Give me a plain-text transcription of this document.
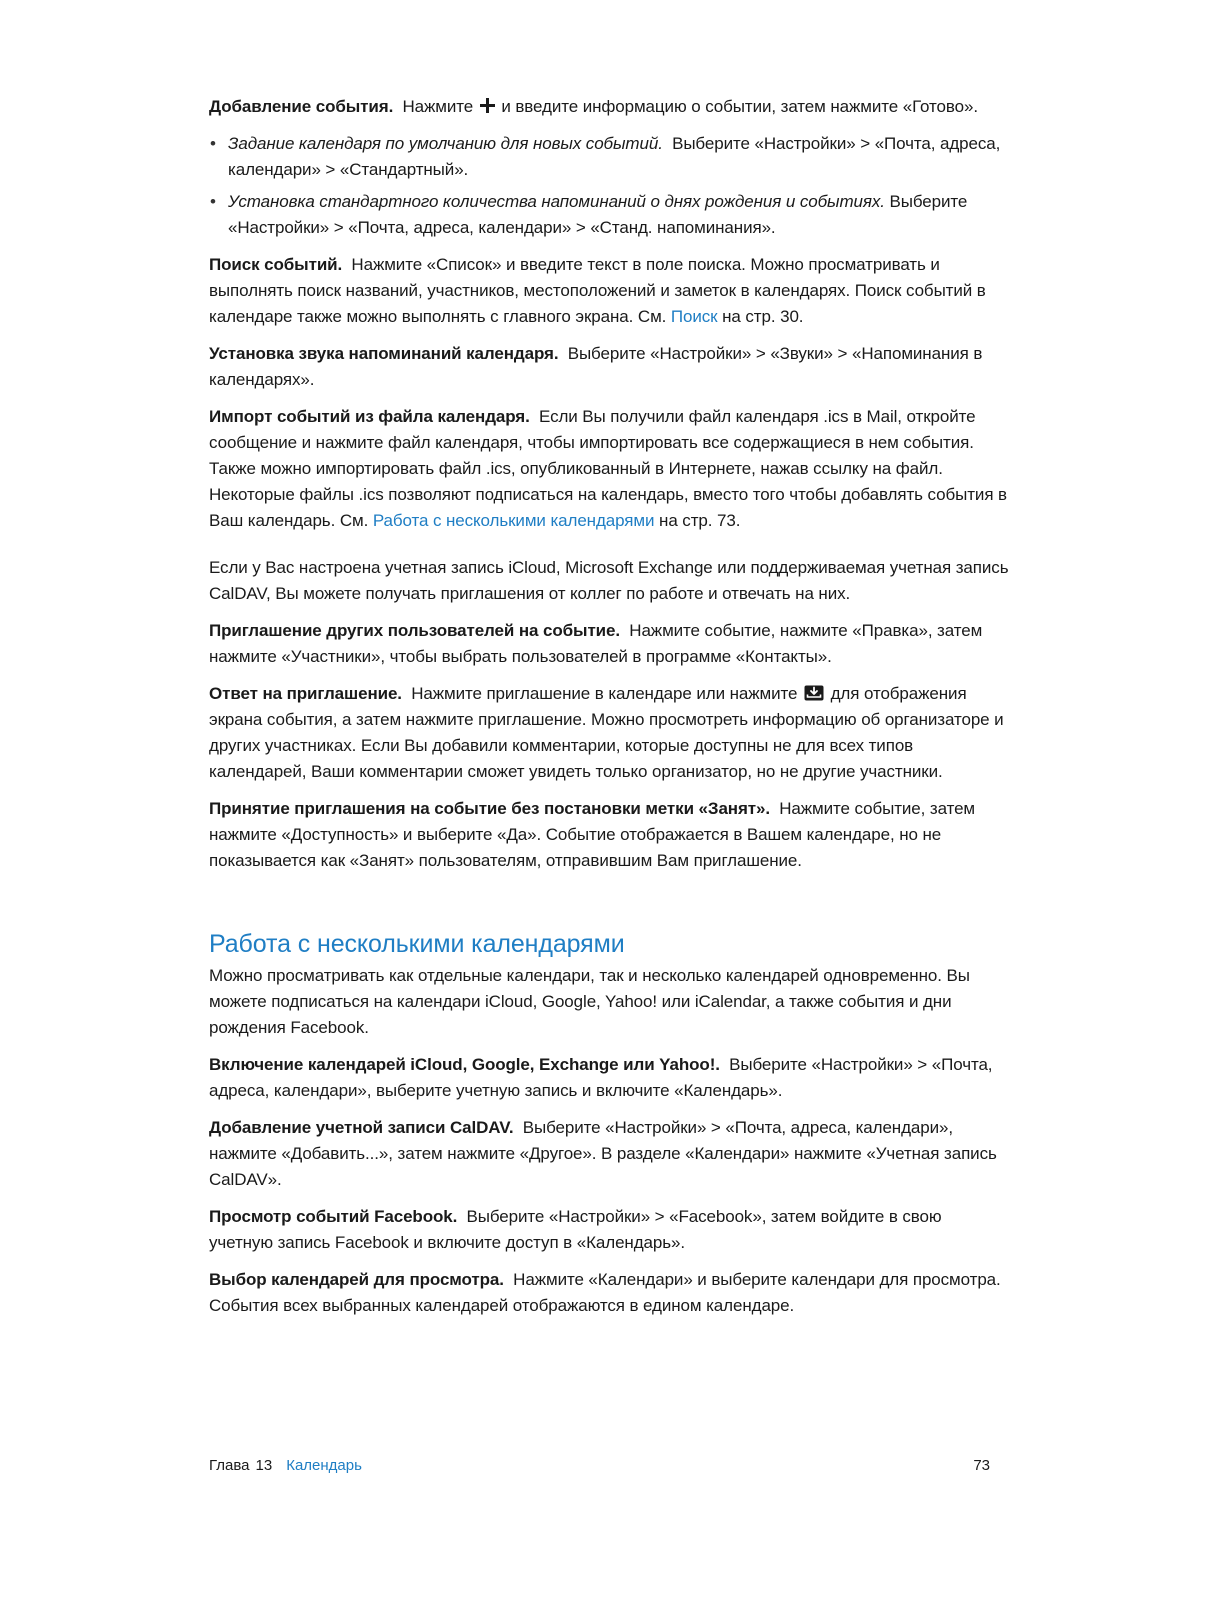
Добавление события. Нажмите и введите информацию о событии, затем нажмите «Готово».

• Задание календаря по умолчанию для новых событий. Выберите «Настройки» > «Почта, адреса, календари» > «Стандартный».
• Установка стандартного количества напоминаний о днях рождения и событиях. Выберите «Настройки» > «Почта, адреса, календари» > «Станд. напоминания».

Поиск событий. Нажмите «Список» и введите текст в поле поиска. Можно просматривать и выполнять поиск названий, участников, местоположений и заметок в календарях. Поиск событий в календаре также можно выполнять с главного экрана. См. Поиск на стр. 30.

Установка звука напоминаний календаря. Выберите «Настройки» > «Звуки» > «Напоминания в календарях».

Импорт событий из файла календаря. Если Вы получили файл календаря .ics в Mail, откройте сообщение и нажмите файл календаря, чтобы импортировать все содержащиеся в нем события. Также можно импортировать файл .ics, опубликованный в Интернете, нажав ссылку на файл. Некоторые файлы .ics позволяют подписаться на календарь, вместо того чтобы добавлять события в Ваш календарь. См. Работа с несколькими календарями на стр. 73.

Если у Вас настроена учетная запись iCloud, Microsoft Exchange или поддерживаемая учетная запись CalDAV, Вы можете получать приглашения от коллег по работе и отвечать на них.

Приглашение других пользователей на событие. Нажмите событие, нажмите «Правка», затем нажмите «Участники», чтобы выбрать пользователей в программе «Контакты».

Ответ на приглашение. Нажмите приглашение в календаре или нажмите для отображения экрана события, а затем нажмите приглашение. Можно просмотреть информацию об организаторе и других участниках. Если Вы добавили комментарии, которые доступны не для всех типов календарей, Ваши комментарии сможет увидеть только организатор, но не другие участники.

Принятие приглашения на событие без постановки метки «Занят». Нажмите событие, затем нажмите «Доступность» и выберите «Да». Событие отображается в Вашем календаре, но не показывается как «Занят» пользователям, отправившим Вам приглашение.

Работа с несколькими календарями

Можно просматривать как отдельные календари, так и несколько календарей одновременно. Вы можете подписаться на календари iCloud, Google, Yahoo! или iCalendar, а также события и дни рождения Facebook.

Включение календарей iCloud, Google, Exchange или Yahoo!. Выберите «Настройки» > «Почта, адреса, календари», выберите учетную запись и включите «Календарь».

Добавление учетной записи CalDAV. Выберите «Настройки» > «Почта, адреса, календари», нажмите «Добавить...», затем нажмите «Другое». В разделе «Календари» нажмите «Учетная запись CalDAV».

Просмотр событий Facebook. Выберите «Настройки» > «Facebook», затем войдите в свою учетную запись Facebook и включите доступ в «Календарь».

Выбор календарей для просмотра. Нажмите «Календари» и выберите календари для просмотра. События всех выбранных календарей отображаются в едином календаре.

Глава 13 Календарь	73
